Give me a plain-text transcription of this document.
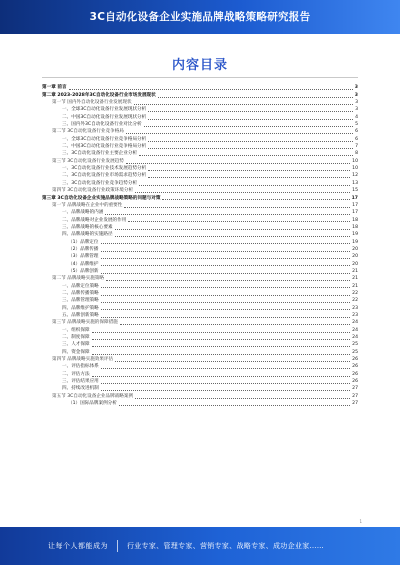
3C自动化设备企业实施品牌战略策略研究报告
内容目录
第一章 前言	3
第二章 2023-2028年3C自动化设备行业市场发展现状	3
第一节 国内外自动化设备行业发展现状	3
一、全球3C自动化设备行业发展现状分析	3
二、中国3C自动化设备行业发展现状分析	4
三、国内外3C自动化设备行业对比分析	5
第二节 3C自动化设备行业竞争格局	6
一、全球3C自动化设备行业竞争格局分析	6
二、中国3C自动化设备行业竞争格局分析	7
三、3C自动化设备行业主要企业分析	8
第三节 3C自动化设备行业发展趋势	10
一、3C自动化设备行业技术发展趋势分析	10
二、3C自动化设备行业市场需求趋势分析	12
三、3C自动化设备行业竞争趋势分析	13
第四节 3C自动化设备行业政策环境分析	15
第三章 3C自动化设备企业实施品牌战略策略的问题与对策	17
第一节 品牌战略在企业中的重要性	17
一、品牌战略的内涵	17
二、品牌战略对企业发展的作用	18
三、品牌战略的核心要素	18
四、品牌战略的实施路径	19
（1）品牌定位	19
（2）品牌传播	20
（3）品牌管理	20
（4）品牌维护	20
（5）品牌创新	21
第二节 品牌战略实施策略	21
一、品牌定位策略	21
二、品牌传播策略	22
三、品牌管理策略	22
四、品牌维护策略	23
五、品牌创新策略	23
第三节 品牌战略实施的保障措施	24
一、组织保障	24
二、制度保障	24
三、人才保障	25
四、资金保障	25
第四节 品牌战略实施效果评估	26
一、评估指标体系	26
二、评估方法	26
三、评估结果应用	26
四、持续改进机制	27
第五节 3C自动化设备企业品牌战略案例	27
（1）国际品牌案例分析	27
1
让每个人都能成为	行业专家、管理专家、营销专家、战略专家、成功企业家……
